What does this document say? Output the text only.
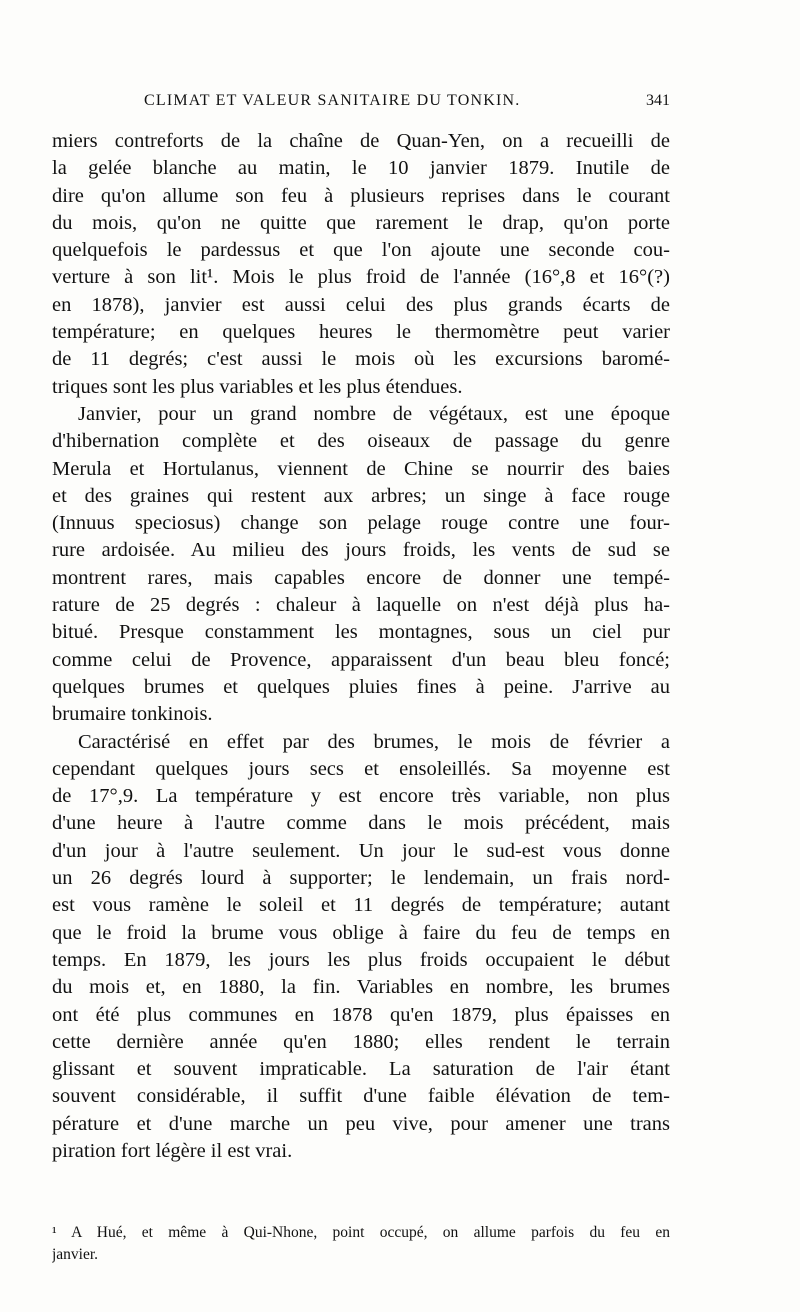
CLIMAT ET VALEUR SANITAIRE DU TONKIN.	341
miers contreforts de la chaîne de Quan-Yen, on a recueilli de
la gelée blanche au matin, le 10 janvier 1879. Inutile de
dire qu'on allume son feu à plusieurs reprises dans le courant
du mois, qu'on ne quitte que rarement le drap, qu'on porte
quelquefois le pardessus et que l'on ajoute une seconde cou-
verture à son lit¹. Mois le plus froid de l'année (16°,8 et 16°(?)
en 1878), janvier est aussi celui des plus grands écarts de
température; en quelques heures le thermomètre peut varier
de 11 degrés; c'est aussi le mois où les excursions baromé-
triques sont les plus variables et les plus étendues.
Janvier, pour un grand nombre de végétaux, est une époque
d'hibernation complète et des oiseaux de passage du genre
Merula et Hortulanus, viennent de Chine se nourrir des baies
et des graines qui restent aux arbres; un singe à face rouge
(Innuus speciosus) change son pelage rouge contre une four-
rure ardoisée. Au milieu des jours froids, les vents de sud se
montrent rares, mais capables encore de donner une tempé-
rature de 25 degrés : chaleur à laquelle on n'est déjà plus ha-
bitué. Presque constamment les montagnes, sous un ciel pur
comme celui de Provence, apparaissent d'un beau bleu foncé;
quelques brumes et quelques pluies fines à peine. J'arrive au
brumaire tonkinois.
Caractérisé en effet par des brumes, le mois de février a
cependant quelques jours secs et ensoleillés. Sa moyenne est
de 17°,9. La température y est encore très variable, non plus
d'une heure à l'autre comme dans le mois précédent, mais
d'un jour à l'autre seulement. Un jour le sud-est vous donne
un 26 degrés lourd à supporter; le lendemain, un frais nord-
est vous ramène le soleil et 11 degrés de température; autant
que le froid la brume vous oblige à faire du feu de temps en
temps. En 1879, les jours les plus froids occupaient le début
du mois et, en 1880, la fin. Variables en nombre, les brumes
ont été plus communes en 1878 qu'en 1879, plus épaisses en
cette dernière année qu'en 1880; elles rendent le terrain
glissant et souvent impraticable. La saturation de l'air étant
souvent considérable, il suffit d'une faible élévation de tem-
pérature et d'une marche un peu vive, pour amener une trans
piration fort légère il est vrai.
¹ A Hué, et même à Qui-Nhone, point occupé, on allume parfois du feu en
janvier.
